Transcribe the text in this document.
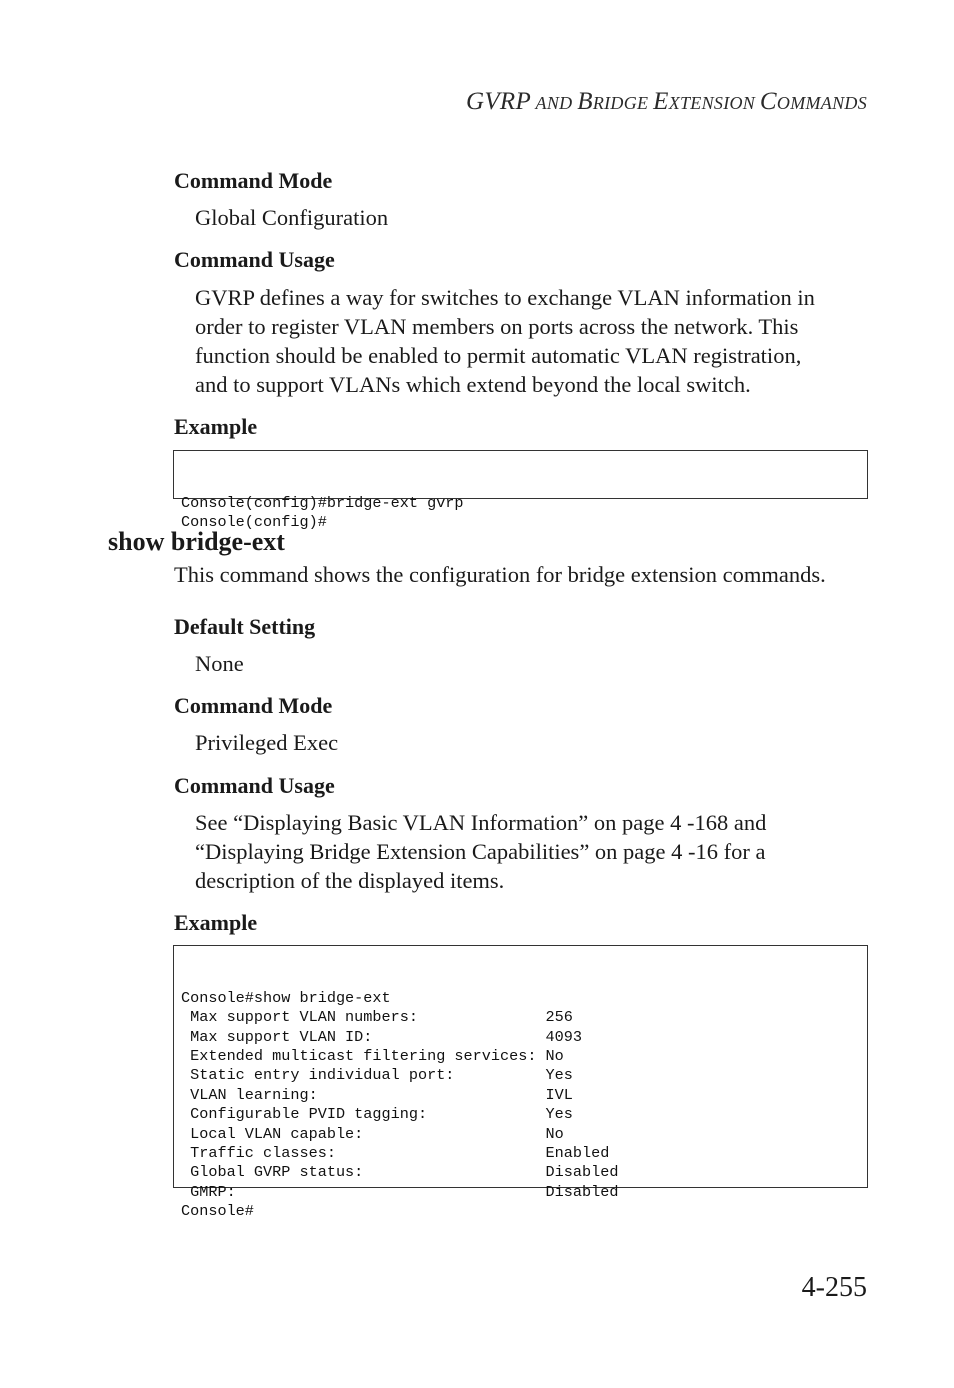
GVRP AND BRIDGE EXTENSION COMMANDS
Command Mode
Global Configuration
Command Usage
GVRP defines a way for switches to exchange VLAN information in
order to register VLAN members on ports across the network. This
function should be enabled to permit automatic VLAN registration,
and to support VLANs which extend beyond the local switch.
Example

Console(config)#bridge-ext gvrp
Console(config)#

show bridge-ext
This command shows the configuration for bridge extension commands.
Default Setting
None
Command Mode
Privileged Exec
Command Usage
See “Displaying Basic VLAN Information” on page 4 -168 and
“Displaying Bridge Extension Capabilities” on page 4 -16 for a
description of the displayed items.
Example

Console#show bridge-ext
Max support VLAN numbers:              256
Max support VLAN ID:                   4093
Extended multicast filtering services: No
Static entry individual port:          Yes
VLAN learning:                         IVL
Configurable PVID tagging:             Yes
Local VLAN capable:                    No
Traffic classes:                       Enabled
Global GVRP status:                    Disabled
GMRP:                                  Disabled
Console#

4-255
